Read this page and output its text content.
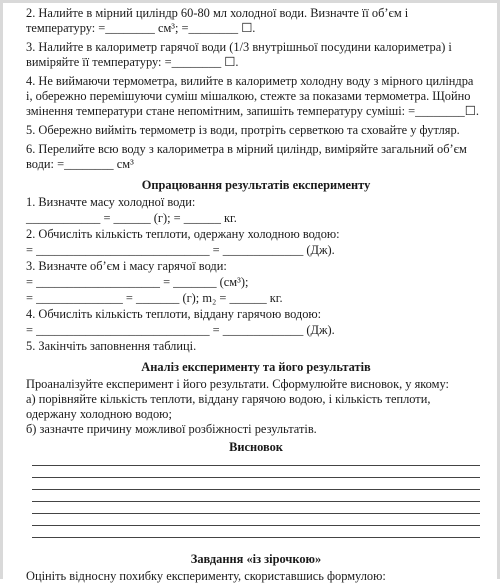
2. Налийте в мірний циліндр 60-80 мл холодної води. Визначте її об’єм і

температуру: =________ см³; =________ ☐.

3. Налийте в калориметр гарячої води (1/3 внутрішньої посудини калориметра) і

виміряйте її температуру: =________ ☐.

4. Не виймаючи термометра, вилийте в калориметр холодну воду з мірного циліндра

і, обережно перемішуючи суміш мішалкою, стежте за показами термометра. Щойно

змінення температури стане непомітним, запишіть температуру суміші: =________☐.

5. Обережно вийміть термометр із води, протріть серветкою та сховайте у футляр.

6. Перелийте всю воду з калориметра в мірний циліндр, виміряйте загальний об’єм

води: =________ см³

Опрацювання результатів експерименту

1. Визначте масу холодної води:

____________ = ______ (г); = ______ кг.

2. Обчисліть кількість теплоти, одержану холодною водою:

= ____________________________ = _____________ (Дж).

3. Визначте об’єм і масу гарячої води:

= ____________________ = _______ (см³);

= ______________ = _______ (г); m₂ = ______ кг.

4. Обчисліть кількість теплоти, віддану гарячою водою:

= ____________________________ = _____________ (Дж).

5. Закінчіть заповнення таблиці.

Аналіз експерименту та його результатів

Проаналізуйте експеримент і його результати. Сформулюйте висновок, у якому:

а) порівняйте кількість теплоти, віддану гарячою водою, і кількість теплоти,

одержану холодною водою;

б) зазначте причину можливої розбіжності результатів.

Висновок

Завдання «із зірочкою»

Оцініть відносну похибку експерименту, скориставшись формулою:
